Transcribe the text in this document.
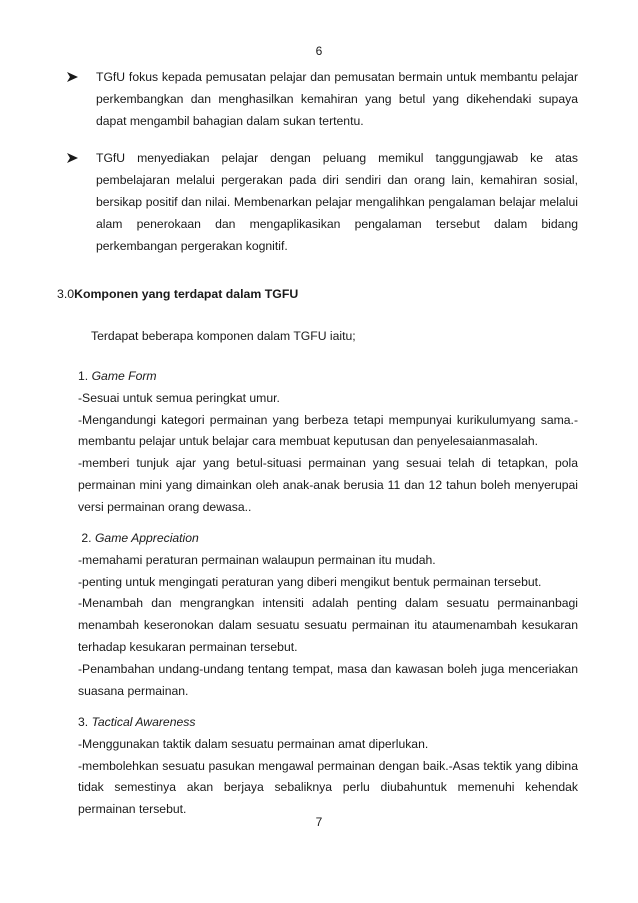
6
TGfU fokus kepada pemusatan pelajar dan pemusatan bermain untuk membantu pelajar perkembangkan dan menghasilkan kemahiran yang betul yang dikehendaki supaya dapat mengambil bahagian dalam sukan tertentu.
TGfU menyediakan pelajar dengan peluang memikul tanggungjawab ke atas pembelajaran melalui pergerakan pada diri sendiri dan orang lain, kemahiran sosial, bersikap positif dan nilai. Membenarkan pelajar mengalihkan pengalaman belajar melalui alam penerokaan dan mengaplikasikan pengalaman tersebut dalam bidang perkembangan pergerakan kognitif.
3.0Komponen yang terdapat dalam TGFU
Terdapat beberapa komponen dalam TGFU iaitu;
1. Game Form
-Sesuai untuk semua peringkat umur.
-Mengandungi kategori permainan yang berbeza tetapi mempunyai kurikulumyang sama.-membantu pelajar untuk belajar cara membuat keputusan dan penyelesaianmasalah.
-memberi tunjuk ajar yang betul-situasi permainan yang sesuai telah di tetapkan, pola permainan mini yang dimainkan oleh anak-anak berusia 11 dan 12 tahun boleh menyerupai versi permainan orang dewasa..
2. Game Appreciation
-memahami peraturan permainan walaupun permainan itu mudah.
-penting untuk mengingati peraturan yang diberi mengikut bentuk permainan tersebut.
-Menambah dan mengrangkan intensiti adalah penting dalam sesuatu permainanbagi menambah keseronokan dalam sesuatu sesuatu permainan itu ataumenambah kesukaran terhadap kesukaran permainan tersebut.
-Penambahan undang-undang tentang tempat, masa dan kawasan boleh juga menceriakan suasana permainan.
3. Tactical Awareness
-Menggunakan taktik dalam sesuatu permainan amat diperlukan.
-membolehkan sesuatu pasukan mengawal permainan dengan baik.-Asas tektik yang dibina tidak semestinya akan berjaya sebaliknya perlu diubahuntuk memenuhi kehendak permainan tersebut.
7
